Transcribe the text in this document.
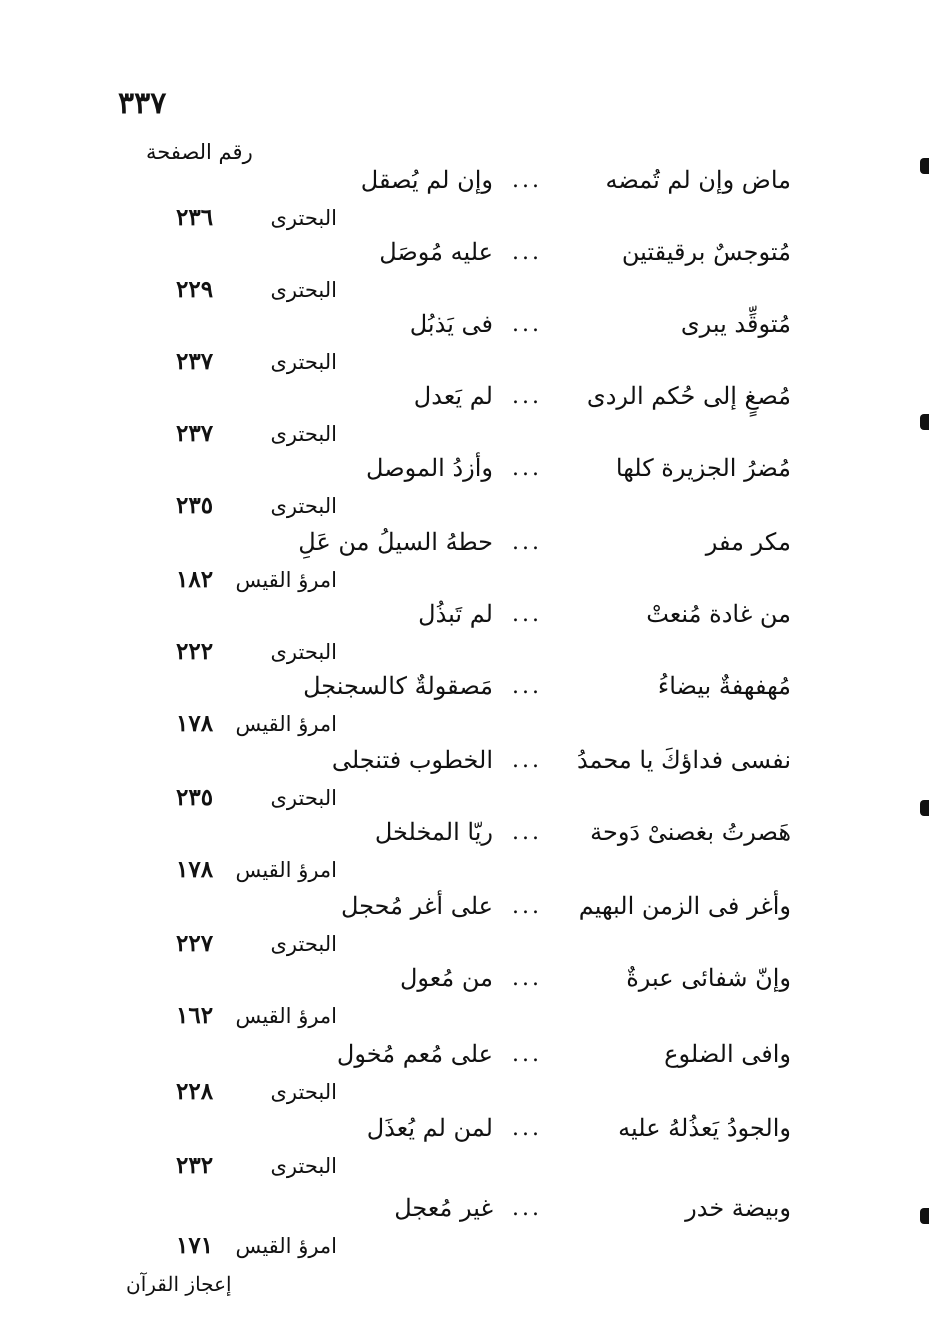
٣٣٧
رقم الصفحة
ماض وإن لم تُمضه
...
وإن لم يُصقل
البحترى
٢٣٦
مُتوجسٌ برقيقتين
...
عليه مُوصَل
البحترى
٢٢٩
مُتوقِّد يبرى
...
فى يَذبُل
البحترى
٢٣٧
مُصغٍ إلى حُكم الردى
...
لم يَعدل
البحترى
٢٣٧
مُضرُ الجزيرة كلها
...
وأزدُ الموصل
البحترى
٢٣٥
مكر مفر
...
حطهُ السيلُ من عَلِ
امرؤ القيس
١٨٢
من غادة مُنعتْ
...
لم تَبذُل
البحترى
٢٢٢
مُهفهفةٌ بيضاءُ
...
مَصقولةٌ كالسجنجل
امرؤ القيس
١٧٨
نفسى فداؤكَ يا محمدُ
...
الخطوب فتنجلى
البحترى
٢٣٥
هَصرتُ بغصنىْ دَوحة
...
ريّا المخلخل
امرؤ القيس
١٧٨
وأغر فى الزمن البهيم
...
على أغر مُحجل
البحترى
٢٢٧
وإنّ شفائى عبرةٌ
...
من مُعول
امرؤ القيس
١٦٢
وافى الضلوع
...
على مُعم مُخول
البحترى
٢٢٨
والجودُ يَعذُلهُ عليه
...
لمن لم يُعذَل
البحترى
٢٣٢
وبيضة خدر
...
غير مُعجل
امرؤ القيس
١٧١
إعجاز القرآن
